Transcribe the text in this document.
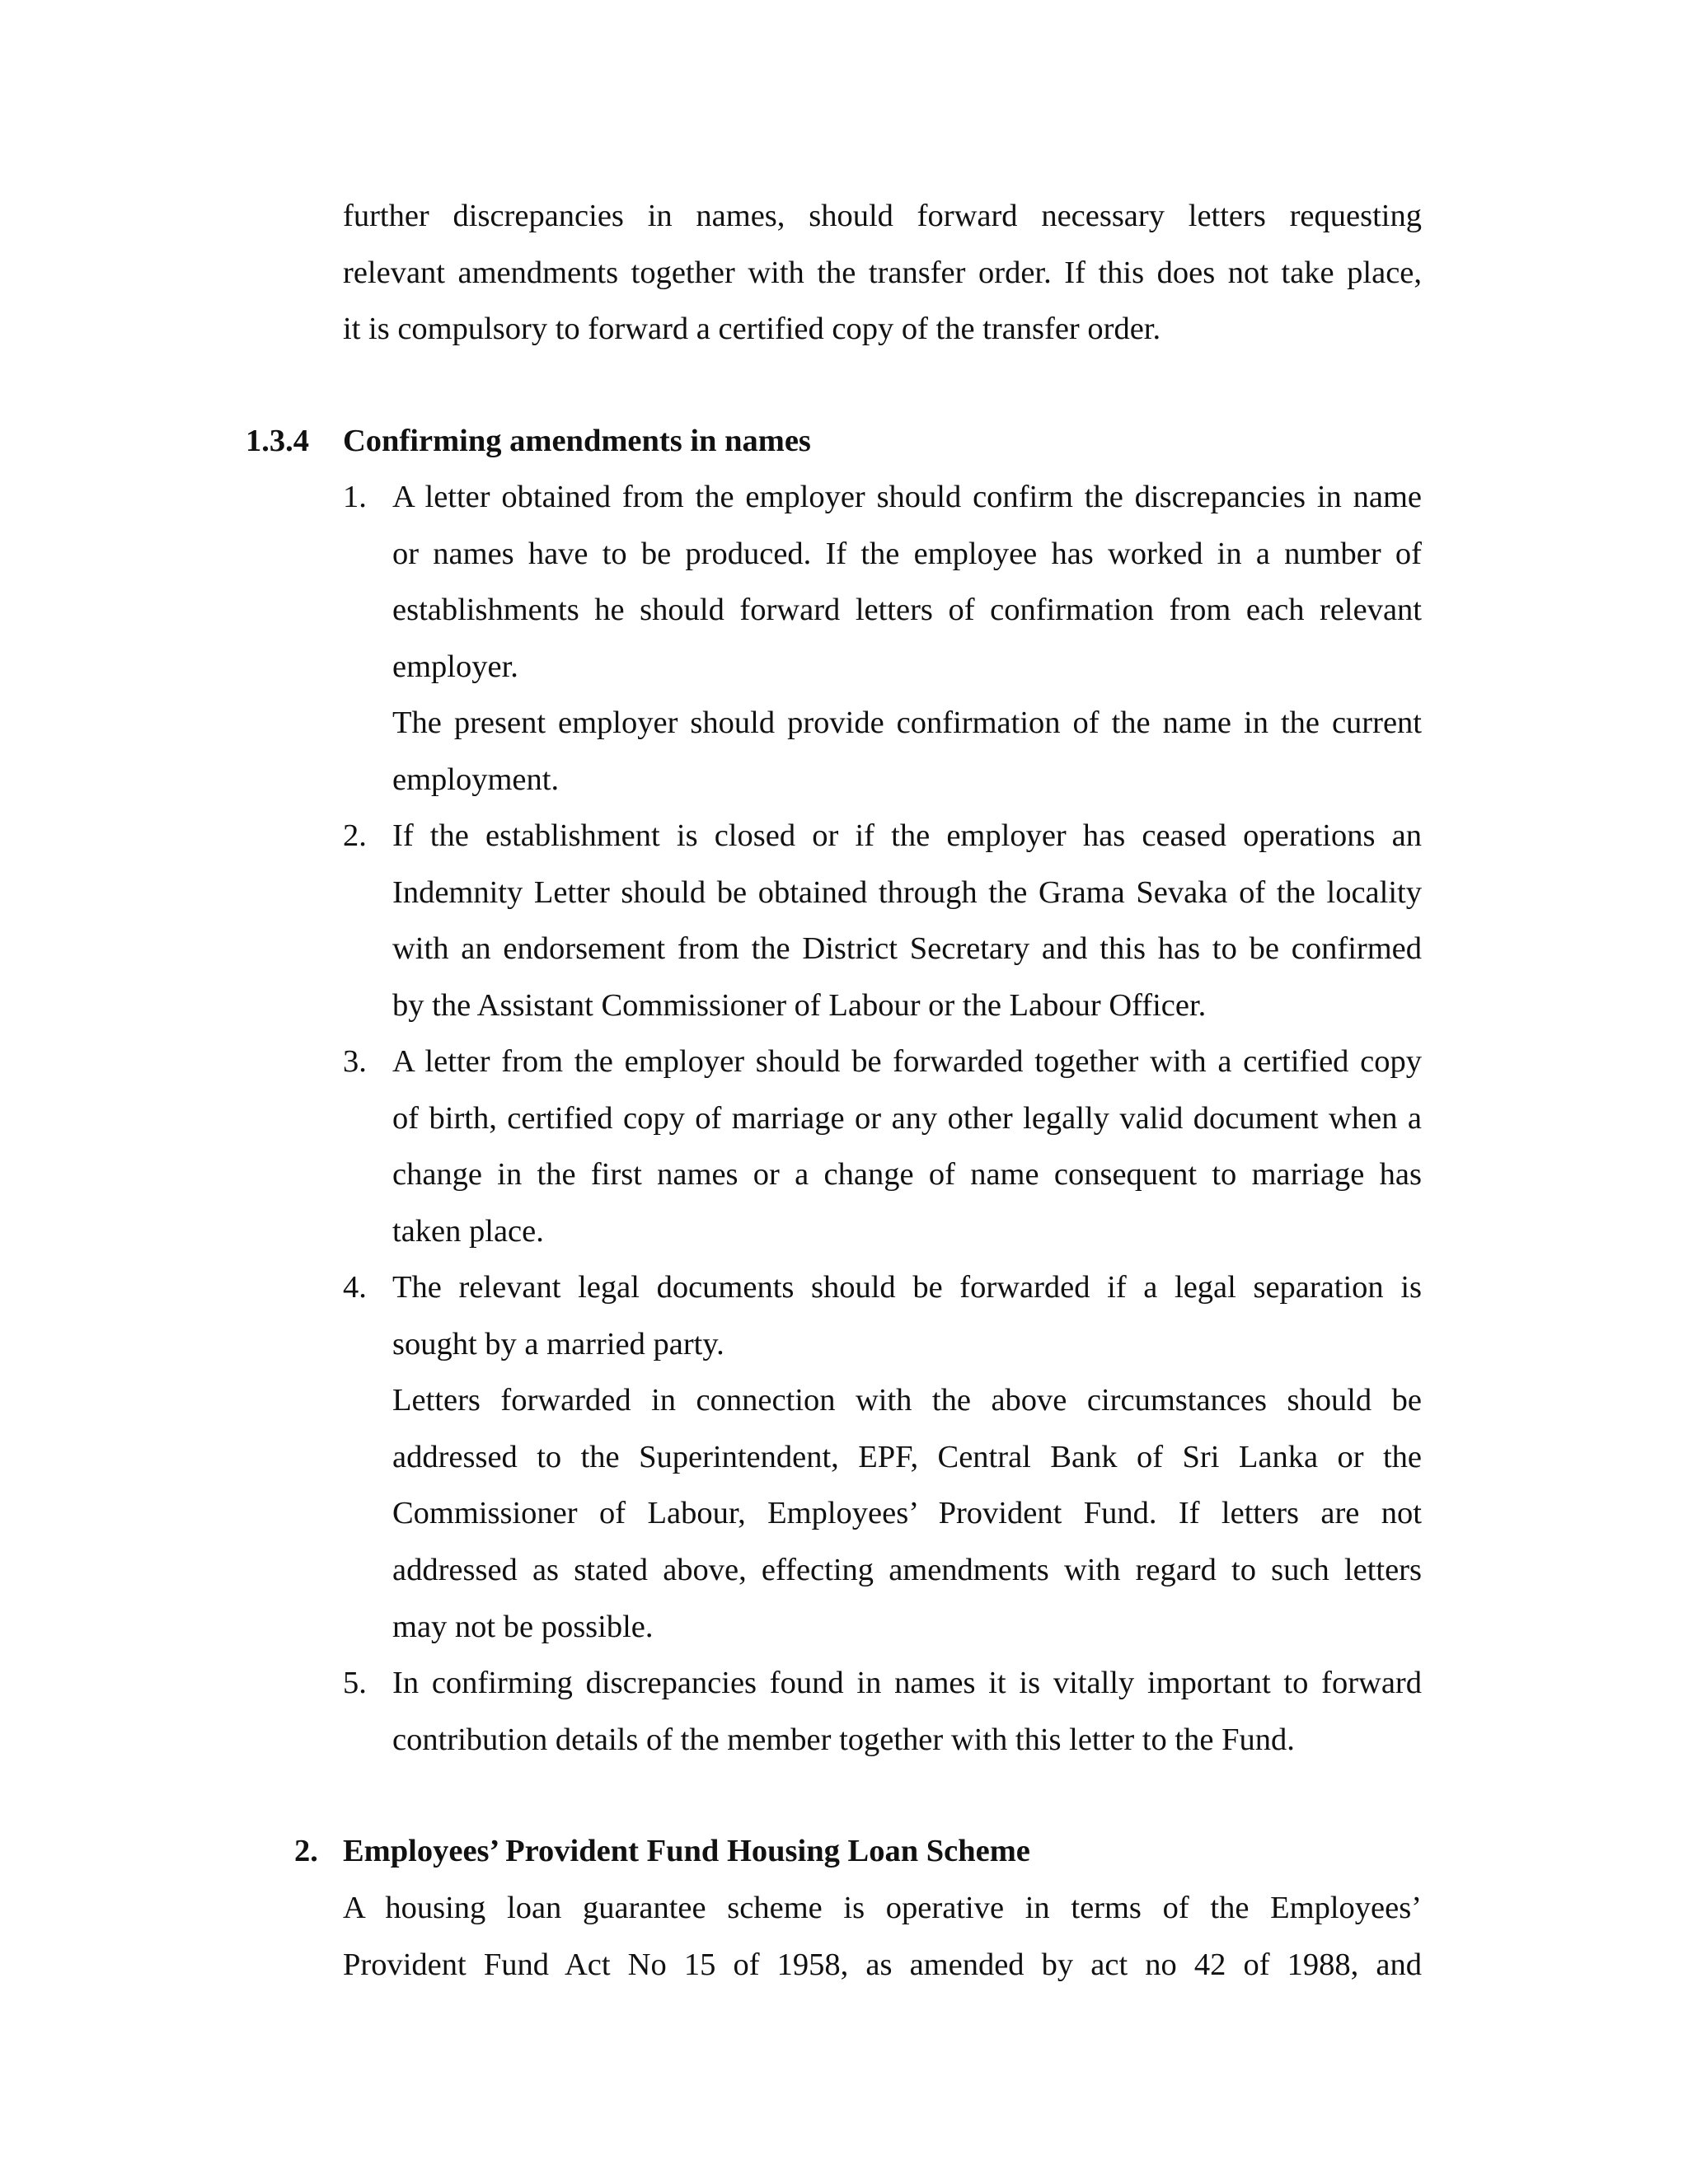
further discrepancies in names, should forward necessary letters requesting
relevant amendments together with the transfer order. If this does not take place,
it is compulsory to forward a certified copy of the transfer order.
1.3.4 Confirming amendments in names
1. A letter obtained from the employer should confirm the discrepancies in name
or names have to be produced. If the employee has worked in a number of
establishments he should forward letters of confirmation from each relevant
employer.
The present employer should provide confirmation of the name in the current
employment.
2. If the establishment is closed or if the employer has ceased operations an
Indemnity Letter should be obtained through the Grama Sevaka of the locality
with an endorsement from the District Secretary and this has to be confirmed
by the Assistant Commissioner of Labour or the Labour Officer.
3. A letter from the employer should be forwarded together with a certified copy
of birth, certified copy of marriage or any other legally valid document when a
change in the first names or a change of name consequent to marriage has
taken place.
4. The relevant legal documents should be forwarded if a legal separation is
sought by a married party.
Letters forwarded in connection with the above circumstances should be
addressed to the Superintendent, EPF, Central Bank of Sri Lanka or the
Commissioner of Labour, Employees’ Provident Fund. If letters are not
addressed as stated above, effecting amendments with regard to such letters
may not be possible.
5. In confirming discrepancies found in names it is vitally important to forward
contribution details of the member together with this letter to the Fund.
2. Employees’ Provident Fund Housing Loan Scheme
A housing loan guarantee scheme is operative in terms of the Employees’
Provident Fund Act No 15 of 1958, as amended by act no 42 of 1988, and
